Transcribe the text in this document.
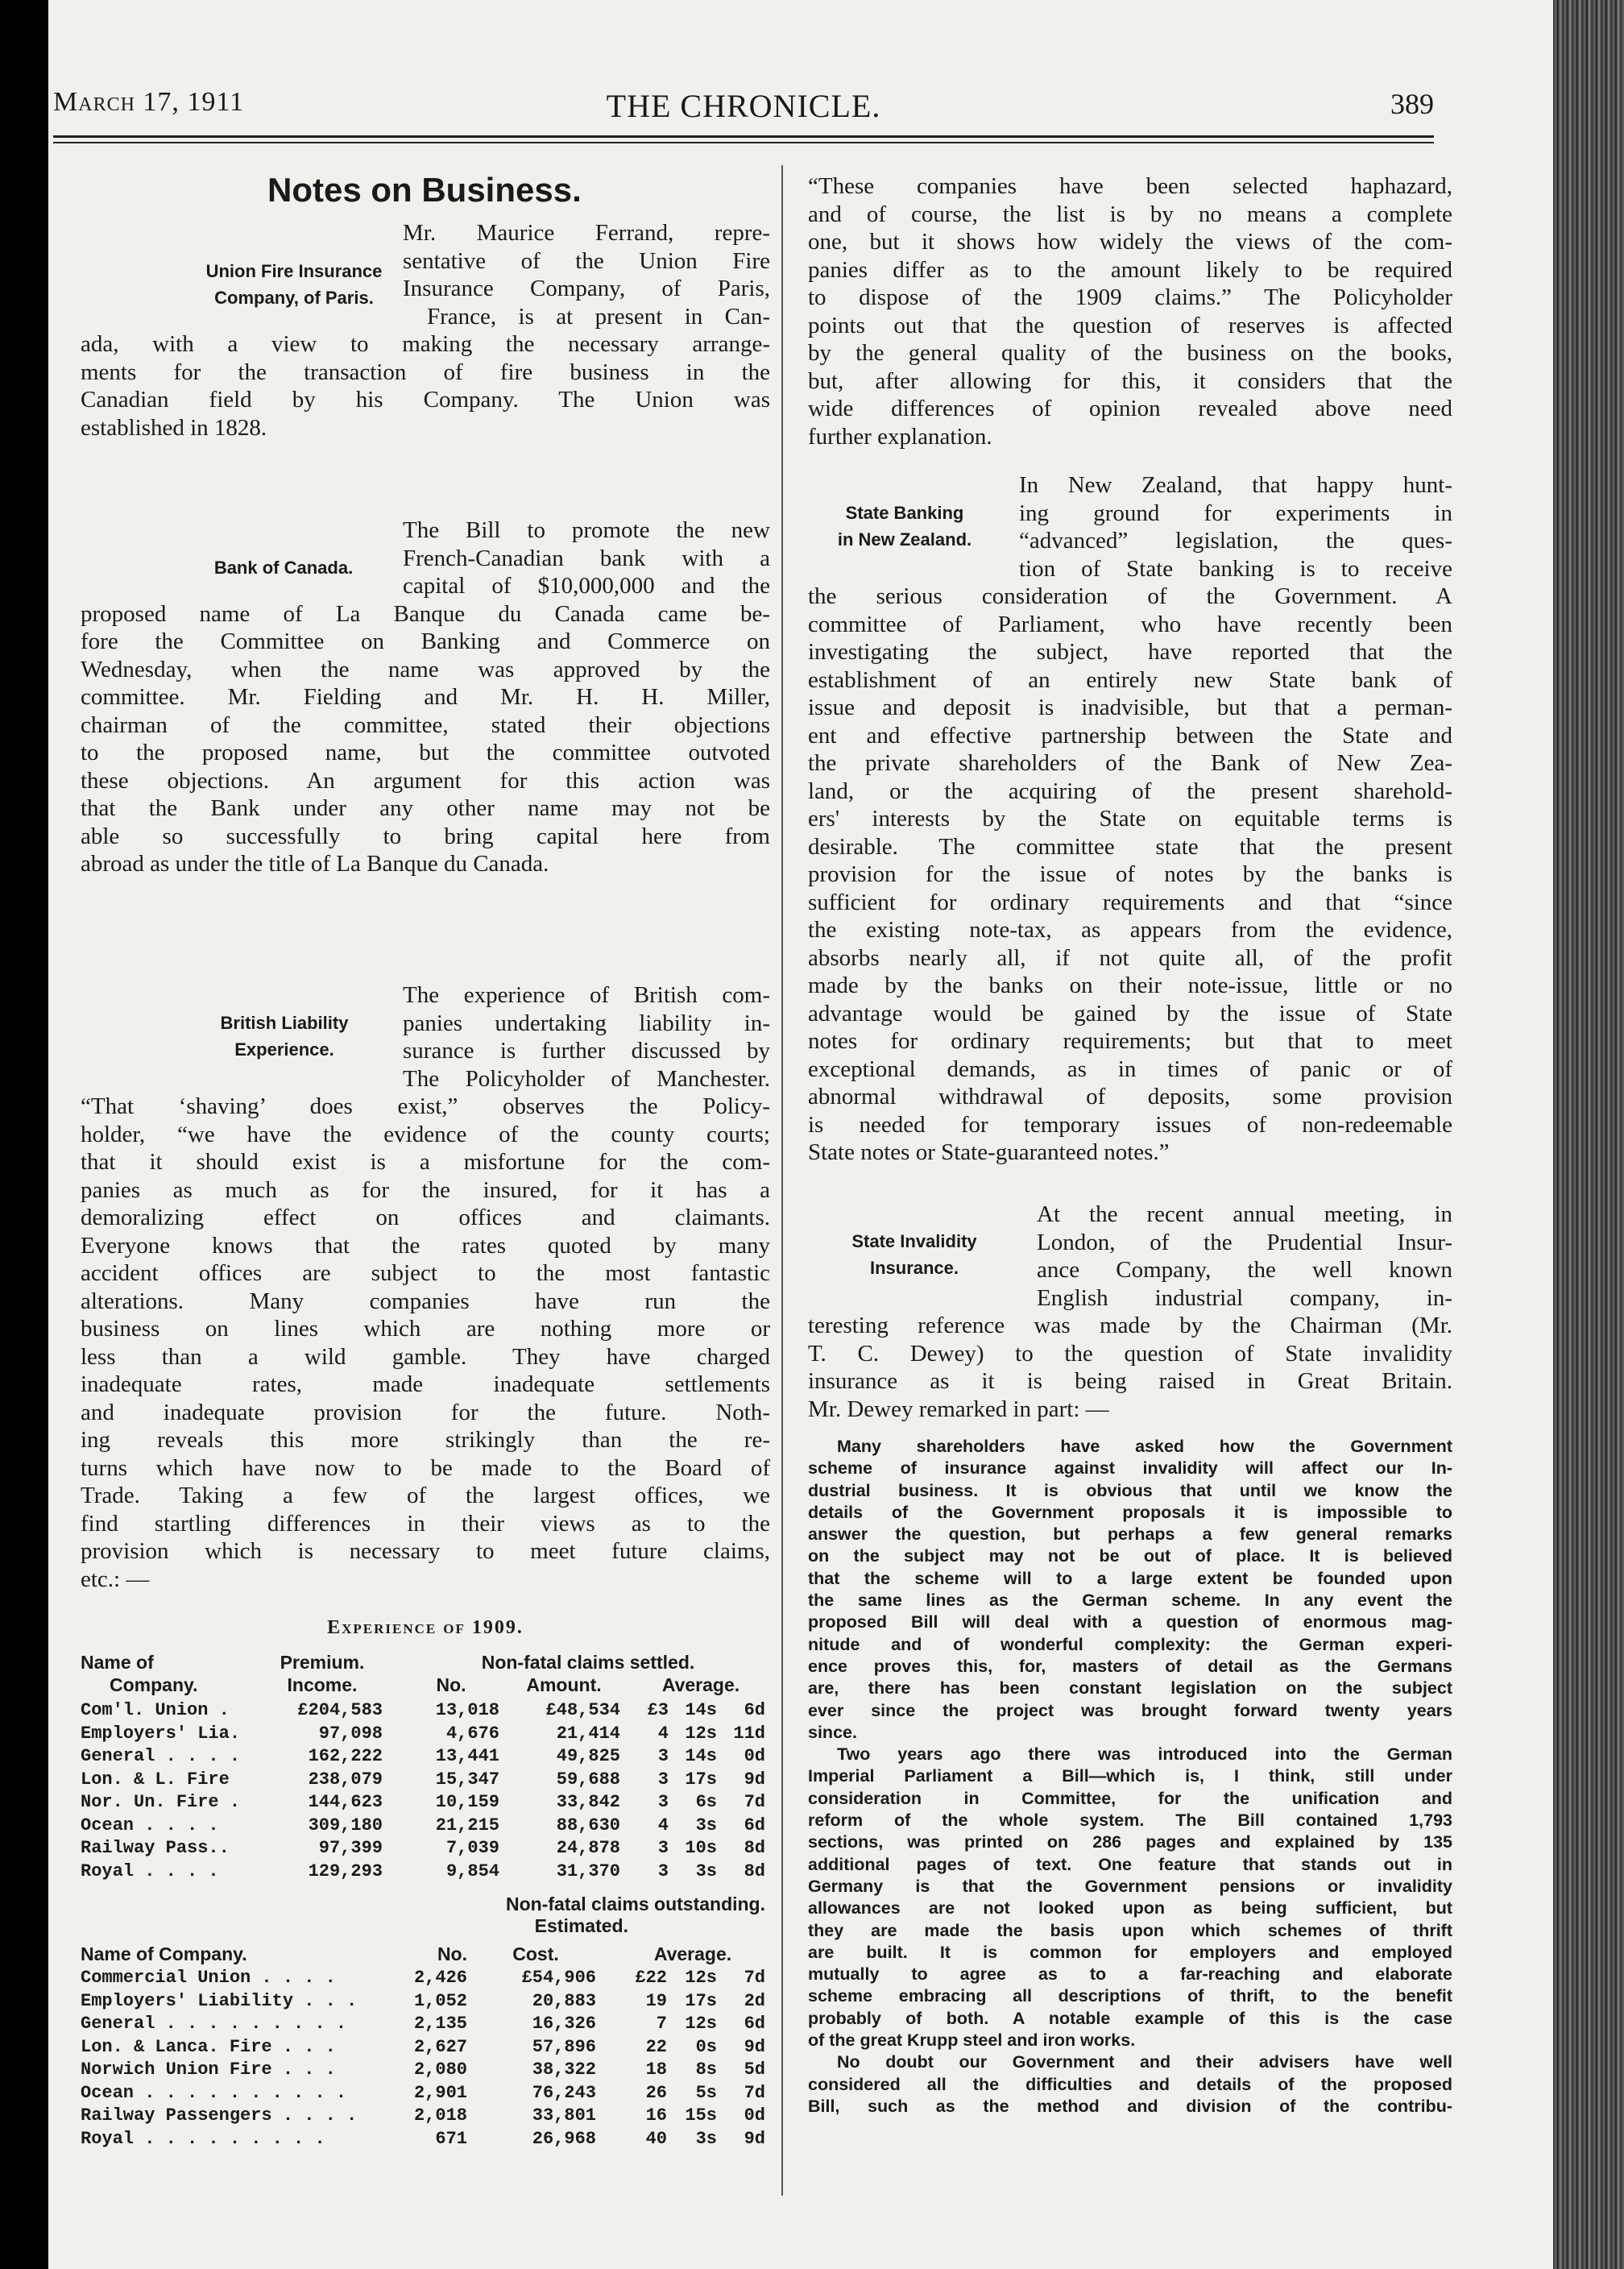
March 17, 1911	THE CHRONICLE.	389
Notes on Business.
Union Fire Insurance
Company, of Paris.
Mr. Maurice Ferrand, repre-
sentative of the Union Fire
Insurance Company, of Paris,
France, is at present in Can-
ada, with a view to making the necessary arrange-
ments for the transaction of fire business in the
Canadian field by his Company. The Union was
established in 1828.
Bank of Canada.
The Bill to promote the new
French-Canadian bank with a
capital of $10,000,000 and the
proposed name of La Banque du Canada came be-
fore the Committee on Banking and Commerce on
Wednesday, when the name was approved by the
committee. Mr. Fielding and Mr. H. H. Miller,
chairman of the committee, stated their objections
to the proposed name, but the committee outvoted
these objections. An argument for this action was
that the Bank under any other name may not be
able so successfully to bring capital here from
abroad as under the title of La Banque du Canada.
British Liability
Experience.
The experience of British com-
panies undertaking liability in-
surance is further discussed by
The Policyholder of Manchester.
“That ‘shaving’ does exist,” observes the Policy-
holder, “we have the evidence of the county courts;
that it should exist is a misfortune for the com-
panies as much as for the insured, for it has a
demoralizing effect on offices and claimants.
Everyone knows that the rates quoted by many
accident offices are subject to the most fantastic
alterations. Many companies have run the
business on lines which are nothing more or
less than a wild gamble. They have charged
inadequate rates, made inadequate settlements
and inadequate provision for the future. Noth-
ing reveals this more strikingly than the re-
turns which have now to be made to the Board of
Trade. Taking a few of the largest offices, we
find startling differences in their views as to the
provision which is necessary to meet future claims,
etc.: —
Experience of 1909.
Name of	Premium.	Non-fatal claims settled.
Company.	Income.	No.	Amount.	Average.
Com'l. Union .	£204,583	13,018	£48,534	£3 14s	6d
Employers' Lia.	97,098	4,676	21,414	4 12s 11d
General . . . .	162,222	13,441	49,825	3 14s	0d
Lon. & L. Fire	238,079	15,347	59,688	3 17s	9d
Nor. Un. Fire .	144,623	10,159	33,842	3	6s	7d
Ocean . . . .	309,180	21,215	88,630	4	3s	6d
Railway Pass..	97,399	7,039	24,878	3 10s	8d
Royal . . . .	129,293	9,854	31,370	3	3s	8d
Non-fatal claims outstanding.
Estimated.
Name of Company.	No.	Cost.	Average.
Commercial Union . . . .	2,426	£54,906	£22	12s	7d
Employers' Liability . . .	1,052	20,883	19	17s	2d
General . . . . . . . . .	2,135	16,326	7	12s	6d
Lon. & Lanca. Fire . . .	2,627	57,896	22	0s	9d
Norwich Union Fire . . .	2,080	38,322	18	8s	5d
Ocean . . . . . . . . . .	2,901	76,243	26	5s	7d
Railway Passengers . . . .	2,018	33,801	16	15s	0d
Royal . . . . . . . . .	671	26,968	40	3s	9d
“These companies have been selected haphazard,
and of course, the list is by no means a complete
one, but it shows how widely the views of the com-
panies differ as to the amount likely to be required
to dispose of the 1909 claims.” The Policyholder
points out that the question of reserves is affected
by the general quality of the business on the books,
but, after allowing for this, it considers that the
wide differences of opinion revealed above need
further explanation.
State Banking
in New Zealand.
In New Zealand, that happy hunt-
ing ground for experiments in
“advanced” legislation, the ques-
tion of State banking is to receive
the serious consideration of the Government. A
committee of Parliament, who have recently been
investigating the subject, have reported that the
establishment of an entirely new State bank of
issue and deposit is inadvisible, but that a perman-
ent and effective partnership between the State and
the private shareholders of the Bank of New Zea-
land, or the acquiring of the present sharehold-
ers' interests by the State on equitable terms is
desirable. The committee state that the present
provision for the issue of notes by the banks is
sufficient for ordinary requirements and that “since
the existing note-tax, as appears from the evidence,
absorbs nearly all, if not quite all, of the profit
made by the banks on their note-issue, little or no
advantage would be gained by the issue of State
notes for ordinary requirements; but that to meet
exceptional demands, as in times of panic or of
abnormal withdrawal of deposits, some provision
is needed for temporary issues of non-redeemable
State notes or State-guaranteed notes.”
State Invalidity
Insurance.
At the recent annual meeting, in
London, of the Prudential Insur-
ance Company, the well known
English industrial company, in-
teresting reference was made by the Chairman (Mr.
T. C. Dewey) to the question of State invalidity
insurance as it is being raised in Great Britain.
Mr. Dewey remarked in part: —
Many shareholders have asked how the Government
scheme of insurance against invalidity will affect our In-
dustrial business. It is obvious that until we know the
details of the Government proposals it is impossible to
answer the question, but perhaps a few general remarks
on the subject may not be out of place. It is believed
that the scheme will to a large extent be founded upon
the same lines as the German scheme. In any event the
proposed Bill will deal with a question of enormous mag-
nitude and of wonderful complexity: the German experi-
ence proves this, for, masters of detail as the Germans
are, there has been constant legislation on the subject
ever since the project was brought forward twenty years
since.
Two years ago there was introduced into the German
Imperial Parliament a Bill—which is, I think, still under
consideration in Committee, for the unification and
reform of the whole system. The Bill contained 1,793
sections, was printed on 286 pages and explained by 135
additional pages of text. One feature that stands out in
Germany is that the Government pensions or invalidity
allowances are not looked upon as being sufficient, but
they are made the basis upon which schemes of thrift
are built. It is common for employers and employed
mutually to agree as to a far-reaching and elaborate
scheme embracing all descriptions of thrift, to the benefit
probably of both. A notable example of this is the case
of the great Krupp steel and iron works.
No doubt our Government and their advisers have well
considered all the difficulties and details of the proposed
Bill, such as the method and division of the contribu-
